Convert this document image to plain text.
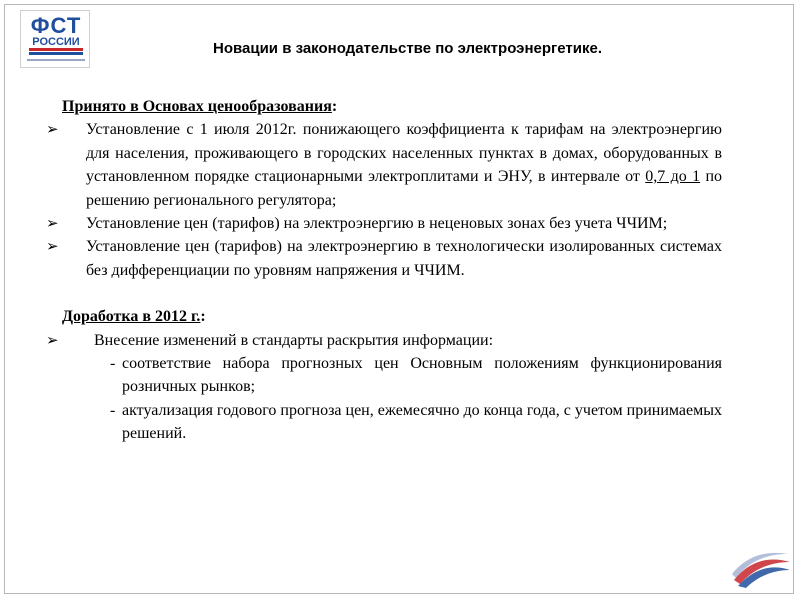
ФСТ
РОССИИ	Новации в законодательстве по электроэнергетике.
Принято в Основах ценообразования:
➢ Установление с 1 июля 2012г. понижающего коэффициента к тарифам на электроэнергию для населения, проживающего в городских населенных пунктах в домах, оборудованных в установленном порядке стационарными электроплитами и ЭНУ, в интервале от 0,7 до 1 по решению регионального регулятора;
➢ Установление цен (тарифов) на электроэнергию в неценовых зонах без учета ЧЧИМ;
➢ Установление цен (тарифов) на электроэнергию в технологически изолированных системах без дифференциации по уровням напряжения и ЧЧИМ.
Доработка в 2012 г.:
➢ Внесение изменений в стандарты раскрытия информации:
- соответствие набора прогнозных цен Основным положениям функционирования розничных рынков;
- актуализация годового прогноза цен, ежемесячно до конца года, с учетом принимаемых решений.
